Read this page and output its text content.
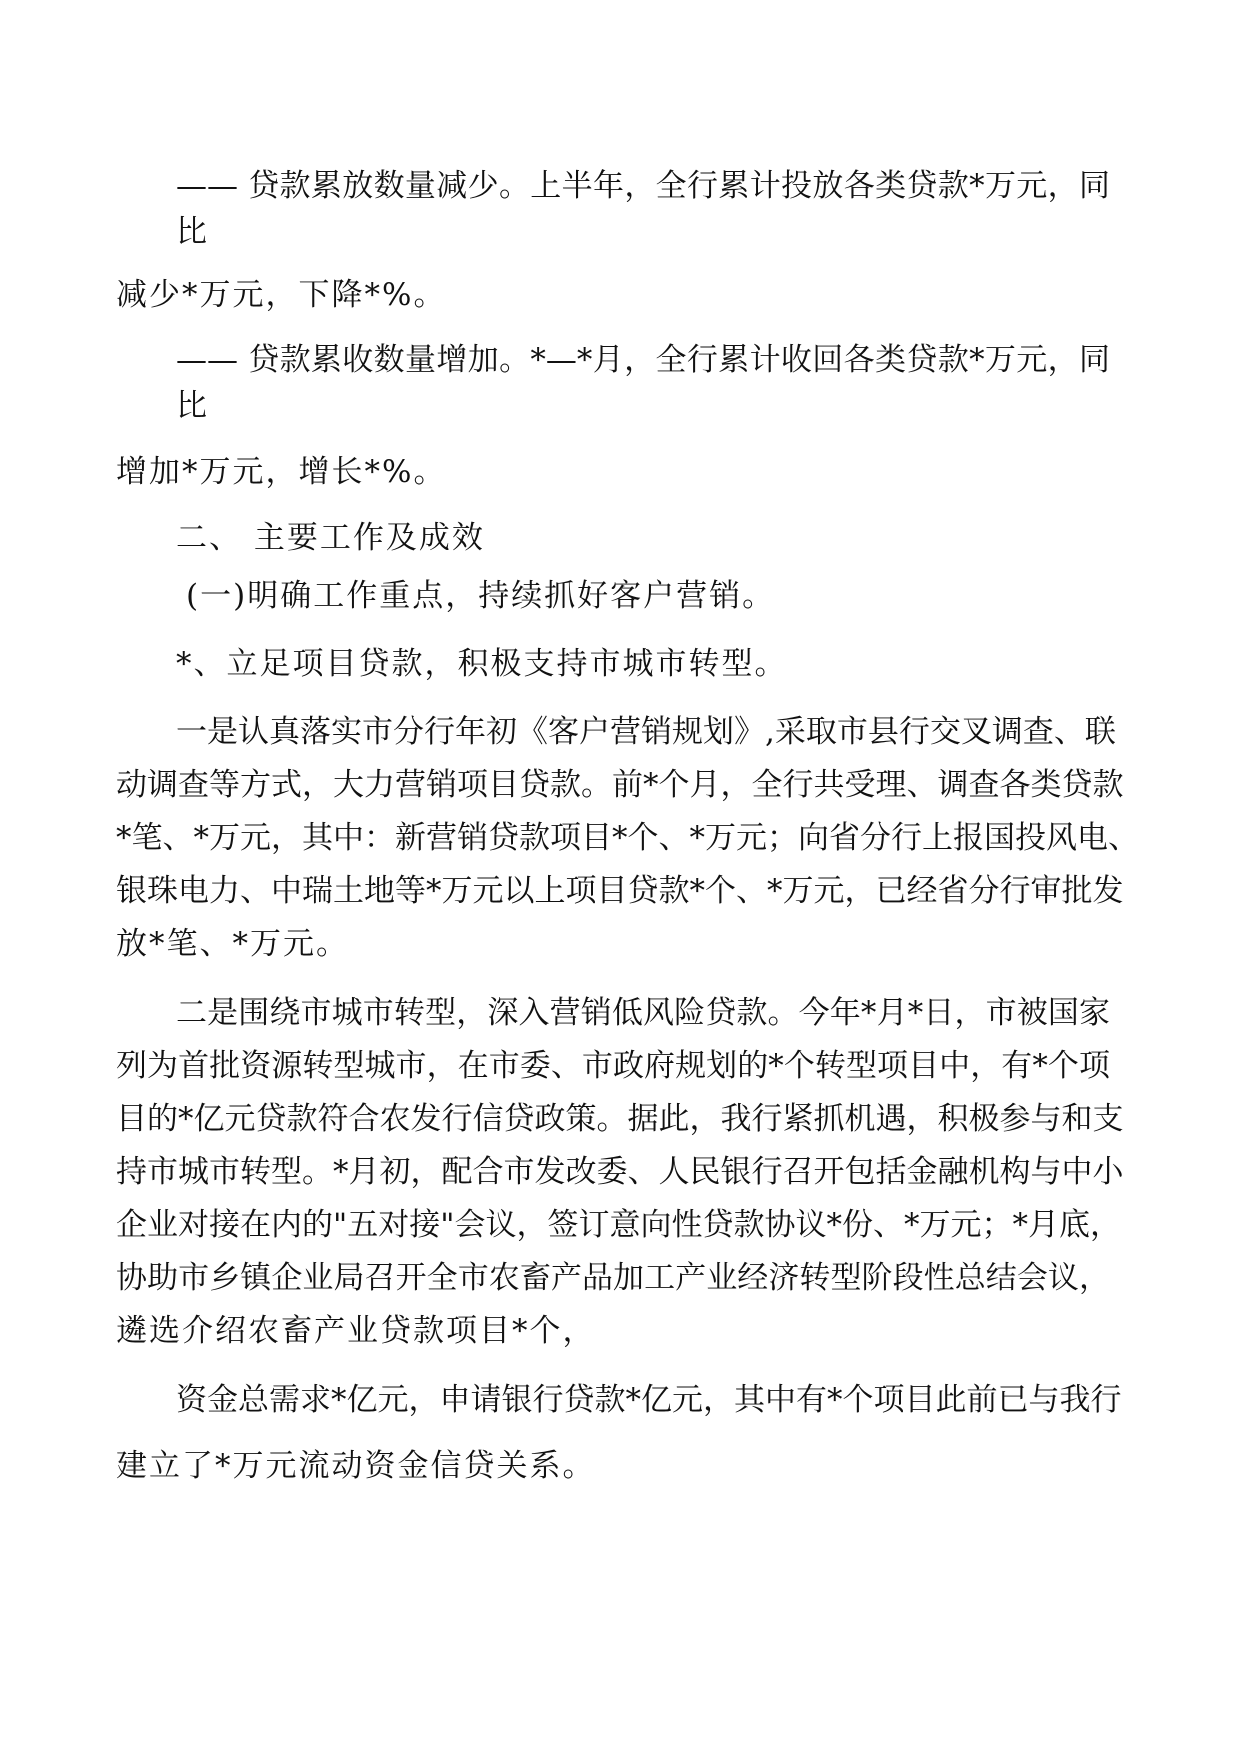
—— 贷款累放数量减少。上半年，全行累计投放各类贷款*万元，同
比
减少*万元，下降*%。
—— 贷款累收数量增加。*—*月，全行累计收回各类贷款*万元，同
比
增加*万元，增长*%。
二、 主要工作及成效
(一)明确工作重点，持续抓好客户营销。
*、立足项目贷款，积极支持市城市转型。
一是认真落实市分行年初《客户营销规划》,采取市县行交叉调查、联
动调查等方式，大力营销项目贷款。前*个月，全行共受理、调查各类贷款
*笔、*万元，其中：新营销贷款项目*个、*万元；向省分行上报国投风电、
银珠电力、中瑞土地等*万元以上项目贷款*个、*万元，已经省分行审批发
放*笔、*万元。
二是围绕市城市转型，深入营销低风险贷款。今年*月*日，市被国家
列为首批资源转型城市，在市委、市政府规划的*个转型项目中，有*个项
目的*亿元贷款符合农发行信贷政策。据此，我行紧抓机遇，积极参与和支
持市城市转型。*月初，配合市发改委、人民银行召开包括金融机构与中小
企业对接在内的"五对接"会议，签订意向性贷款协议*份、*万元；*月底，
协助市乡镇企业局召开全市农畜产品加工产业经济转型阶段性总结会议，
遴选介绍农畜产业贷款项目*个，
资金总需求*亿元，申请银行贷款*亿元，其中有*个项目此前已与我行
建立了*万元流动资金信贷关系。
